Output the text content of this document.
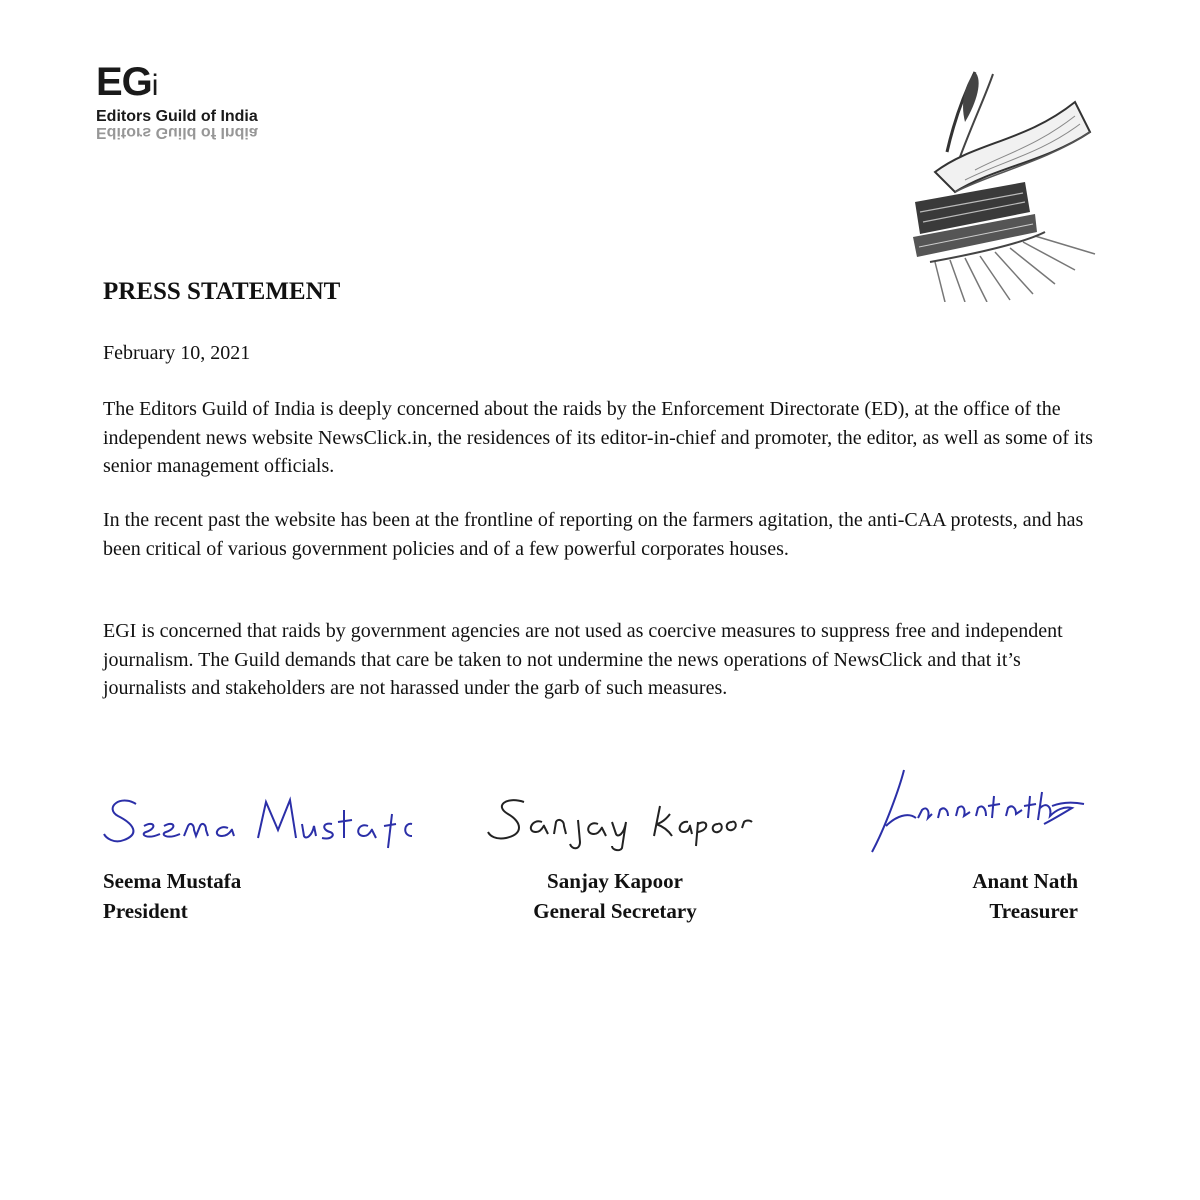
EGi
Editors Guild of India
Editors Guild of India
PRESS STATEMENT

February 10, 2021

The Editors Guild of India is deeply concerned about the raids by the Enforcement Directorate (ED), at the office of the independent news website NewsClick.in, the residences of its editor-in-chief and promoter, the editor, as well as some of its senior management officials.

In the recent past the website has been at the frontline of reporting on the farmers agitation, the anti-CAA protests, and has been critical of various government policies and of a few powerful corporates houses.

EGI is concerned that raids by government agencies are not used as coercive measures to suppress free and independent journalism. The Guild demands that care be taken to not undermine the news operations of NewsClick and that it’s journalists and stakeholders are not harassed under the garb of such measures.

Seema Mustafa
President
Sanjay Kapoor
General Secretary
Anant Nath
Treasurer
